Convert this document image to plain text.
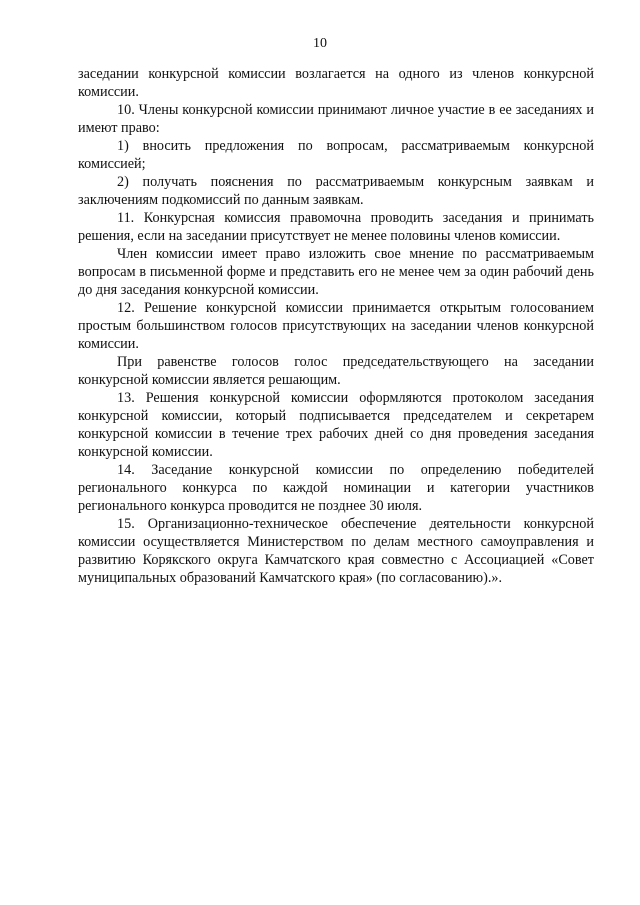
10

заседании конкурсной комиссии возлагается на одного из членов конкурсной комиссии.

10. Члены конкурсной комиссии принимают личное участие в ее заседаниях и имеют право:

1) вносить предложения по вопросам, рассматриваемым конкурсной комиссией;

2) получать пояснения по рассматриваемым конкурсным заявкам и заключениям подкомиссий по данным заявкам.

11. Конкурсная комиссия правомочна проводить заседания и принимать решения, если на заседании присутствует не менее половины членов комиссии.

Член комиссии имеет право изложить свое мнение по рассматриваемым вопросам в письменной форме и представить его не менее чем за один рабочий день до дня заседания конкурсной комиссии.

12. Решение конкурсной комиссии принимается открытым голосованием простым большинством голосов присутствующих на заседании членов конкурсной комиссии.

При равенстве голосов голос председательствующего на заседании конкурсной комиссии является решающим.

13. Решения конкурсной комиссии оформляются протоколом заседания конкурсной комиссии, который подписывается председателем и секретарем конкурсной комиссии в течение трех рабочих дней со дня проведения заседания конкурсной комиссии.

14. Заседание конкурсной комиссии по определению победителей регионального конкурса по каждой номинации и категории участников регионального конкурса проводится не позднее 30 июля.

15. Организационно-техническое обеспечение деятельности конкурсной комиссии осуществляется Министерством по делам местного самоуправления и развитию Корякского округа Камчатского края совместно с Ассоциацией «Совет муниципальных образований Камчатского края» (по согласованию).».
